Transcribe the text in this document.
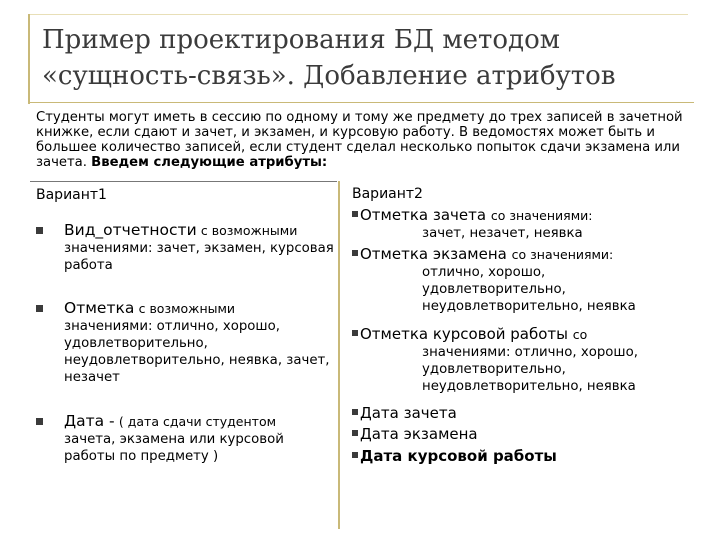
Пример проектирования БД методом
«сущность-связь». Добавление атрибутов

Студенты могут иметь в сессию по одному и тому же предмету до трех записей в зачетной книжке, если сдают и зачет, и экзамен, и курсовую работу. В ведомостях может быть и большее количество записей, если студент сделал несколько попыток сдачи экзамена или зачета. Введем следующие атрибуты:

Вариант1
Вид_отчетности с возможными
значениями: зачет, экзамен, курсовая работа
Отметка с возможными
значениями: отлично, хорошо, удовлетворительно, неудовлетворительно, неявка, зачет, незачет
Дата - ( дата сдачи студентом
зачета, экзамена или курсовой работы по предмету )
Вариант2
Отметка зачета со значениями:
зачет, незачет, неявка
Отметка экзамена со значениями:
отлично, хорошо, удовлетворительно, неудовлетворительно, неявка
Отметка курсовой работы со
значениями: отлично, хорошо, удовлетворительно, неудовлетворительно, неявка
Дата зачета
Дата экзамена
Дата курсовой работы
